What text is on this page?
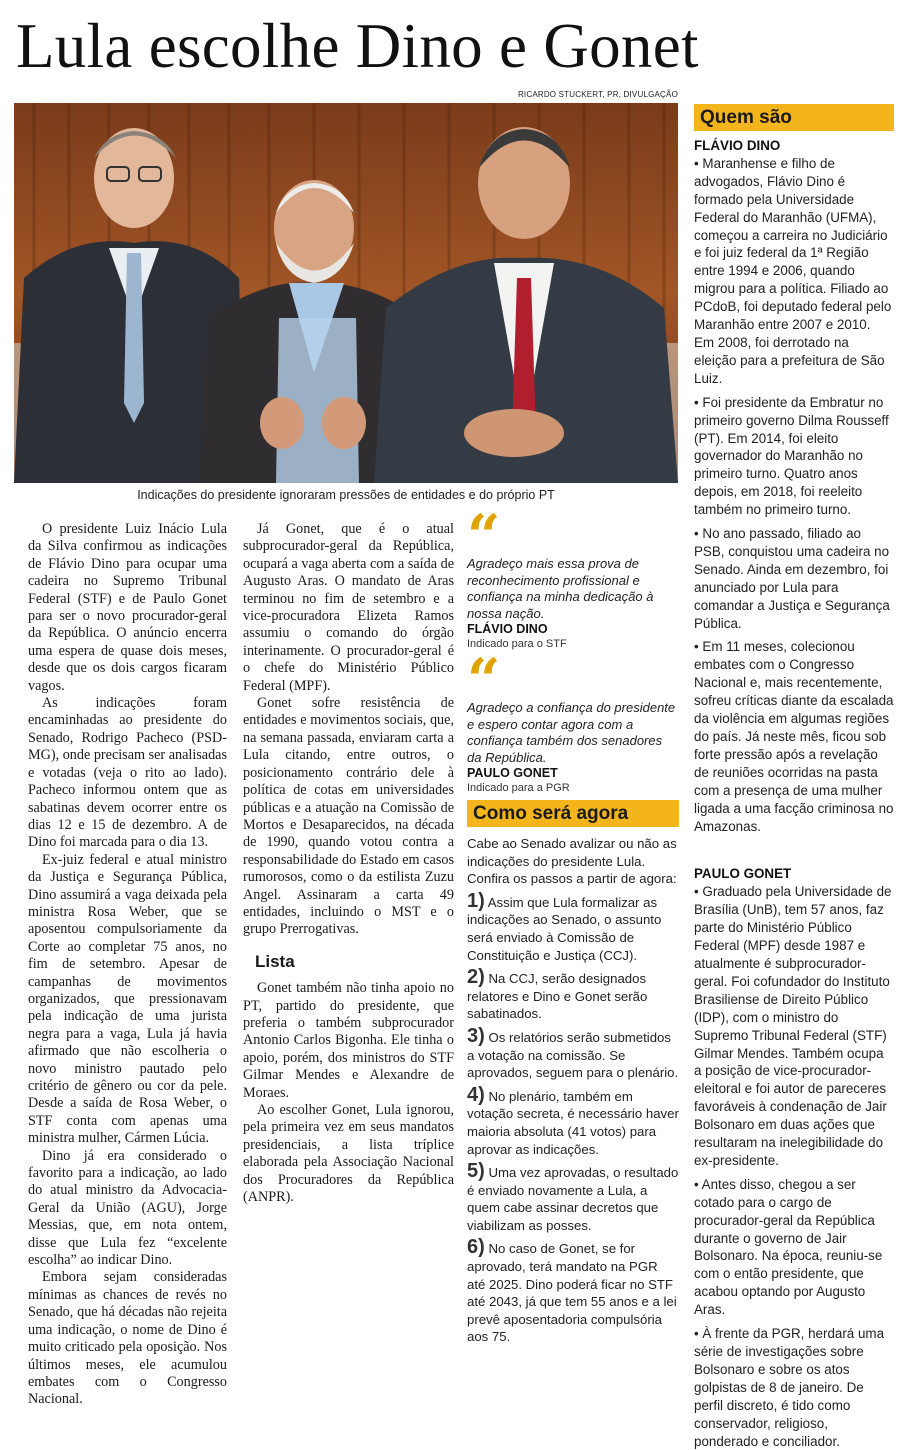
Lula escolhe Dino e Gonet
RICARDO STUCKERT, PR, DIVULGAÇÃO
Indicações do presidente ignoraram pressões de entidades e do próprio PT

O presidente Luiz Inácio Lula da Silva confirmou as indicações de Flávio Dino para ocupar uma cadeira no Supremo Tribunal Federal (STF) e de Paulo Gonet para ser o novo procurador-geral da República. O anúncio encerra uma espera de quase dois meses, desde que os dois cargos ficaram vagos.

As indicações foram encaminhadas ao presidente do Senado, Rodrigo Pacheco (PSD-MG), onde precisam ser analisadas e votadas (veja o rito ao lado). Pacheco informou ontem que as sabatinas devem ocorrer entre os dias 12 e 15 de dezembro. A de Dino foi marcada para o dia 13.

Ex-juiz federal e atual ministro da Justiça e Segurança Pública, Dino assumirá a vaga deixada pela ministra Rosa Weber, que se aposentou compulsoriamente da Corte ao completar 75 anos, no fim de setembro. Apesar de campanhas de movimentos organizados, que pressionavam pela indicação de uma jurista negra para a vaga, Lula já havia afirmado que não escolheria o novo ministro pautado pelo critério de gênero ou cor da pele. Desde a saída de Rosa Weber, o STF conta com apenas uma ministra mulher, Cármen Lúcia.

Dino já era considerado o favorito para a indicação, ao lado do atual ministro da Advocacia-Geral da União (AGU), Jorge Messias, que, em nota ontem, disse que Lula fez “excelente escolha” ao indicar Dino.

Embora sejam consideradas mínimas as chances de revés no Senado, que há décadas não rejeita uma indicação, o nome de Dino é muito criticado pela oposição. Nos últimos meses, ele acumulou embates com o Congresso Nacional.

Já Gonet, que é o atual subprocurador-geral da República, ocupará a vaga aberta com a saída de Augusto Aras. O mandato de Aras terminou no fim de setembro e a vice-procuradora Elizeta Ramos assumiu o comando do órgão interinamente. O procurador-geral é o chefe do Ministério Público Federal (MPF).

Gonet sofre resistência de entidades e movimentos sociais, que, na semana passada, enviaram carta a Lula citando, entre outros, o posicionamento contrário dele à política de cotas em universidades públicas e a atuação na Comissão de Mortos e Desaparecidos, na década de 1990, quando votou contra a responsabilidade do Estado em casos rumorosos, como o da estilista Zuzu Angel. Assinaram a carta 49 entidades, incluindo o MST e o grupo Prerrogativas.

Lista

Gonet também não tinha apoio no PT, partido do presidente, que preferia o também subprocurador Antonio Carlos Bigonha. Ele tinha o apoio, porém, dos ministros do STF Gilmar Mendes e Alexandre de Moraes.

Ao escolher Gonet, Lula ignorou, pela primeira vez em seus mandatos presidenciais, a lista tríplice elaborada pela Associação Nacional dos Procuradores da República (ANPR).

“

Agradeço mais essa prova de reconhecimento profissional e confiança na minha dedicação à nossa nação.

FLÁVIO DINO
Indicado para o STF
“

Agradeço a confiança do presidente e espero contar agora com a confiança também dos senadores da República.

PAULO GONET
Indicado para a PGR
Como será agora
Cabe ao Senado avalizar ou não as indicações do presidente Lula. Confira os passos a partir de agora:
1) Assim que Lula formalizar as indicações ao Senado, o assunto será enviado à Comissão de Constituição e Justiça (CCJ).
2) Na CCJ, serão designados relatores e Dino e Gonet serão sabatinados.
3) Os relatórios serão submetidos a votação na comissão. Se aprovados, seguem para o plenário.
4) No plenário, também em votação secreta, é necessário haver maioria absoluta (41 votos) para aprovar as indicações.
5) Uma vez aprovadas, o resultado é enviado novamente a Lula, a quem cabe assinar decretos que viabilizam as posses.
6) No caso de Gonet, se for aprovado, terá mandato na PGR até 2025. Dino poderá ficar no STF até 2043, já que tem 55 anos e a lei prevê aposentadoria compulsória aos 75.
Quem são
FLÁVIO DINO
• Maranhense e filho de advogados, Flávio Dino é formado pela Universidade Federal do Maranhão (UFMA), começou a carreira no Judiciário e foi juiz federal da 1ª Região entre 1994 e 2006, quando migrou para a política. Filiado ao PCdoB, foi deputado federal pelo Maranhão entre 2007 e 2010. Em 2008, foi derrotado na eleição para a prefeitura de São Luiz.
• Foi presidente da Embratur no primeiro governo Dilma Rousseff (PT). Em 2014, foi eleito governador do Maranhão no primeiro turno. Quatro anos depois, em 2018, foi reeleito também no primeiro turno.
• No ano passado, filiado ao PSB, conquistou uma cadeira no Senado. Ainda em dezembro, foi anunciado por Lula para comandar a Justiça e Segurança Pública.
• Em 11 meses, colecionou embates com o Congresso Nacional e, mais recentemente, sofreu críticas diante da escalada da violência em algumas regiões do país. Já neste mês, ficou sob forte pressão após a revelação de reuniões ocorridas na pasta com a presença de uma mulher ligada a uma facção criminosa no Amazonas.
PAULO GONET
• Graduado pela Universidade de Brasília (UnB), tem 57 anos, faz parte do Ministério Público Federal (MPF) desde 1987 e atualmente é subprocurador-geral. Foi cofundador do Instituto Brasiliense de Direito Público (IDP), com o ministro do Supremo Tribunal Federal (STF) Gilmar Mendes. Também ocupa a posição de vice-procurador-eleitoral e foi autor de pareceres favoráveis à condenação de Jair Bolsonaro em duas ações que resultaram na inelegibilidade do ex-presidente.
• Antes disso, chegou a ser cotado para o cargo de procurador-geral da República durante o governo de Jair Bolsonaro. Na época, reuniu-se com o então presidente, que acabou optando por Augusto Aras.
• À frente da PGR, herdará uma série de investigações sobre Bolsonaro e sobre os atos golpistas de 8 de janeiro. De perfil discreto, é tido como conservador, religioso, ponderado e conciliador.
